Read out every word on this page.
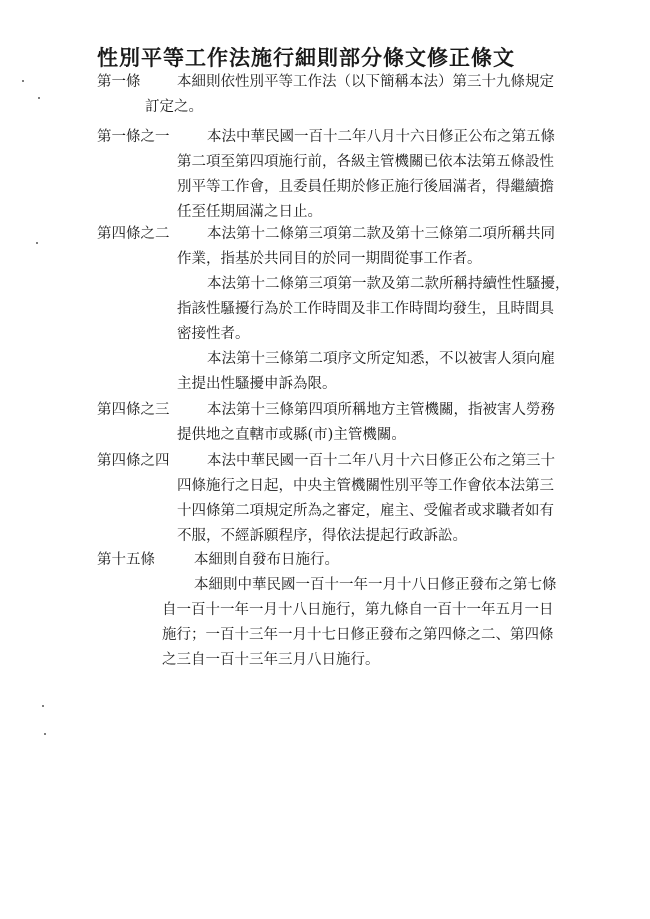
性別平等工作法施行細則部分條文修正條文
第一條	本細則依性別平等工作法（以下簡稱本法）第三十九條規定
訂定之。
第一條之一	本法中華民國一百十二年八月十六日修正公布之第五條
第二項至第四項施行前，各級主管機關已依本法第五條設性
別平等工作會，且委員任期於修正施行後屆滿者，得繼續擔
任至任期屆滿之日止。
第四條之二	本法第十二條第三項第二款及第十三條第二項所稱共同
作業，指基於共同目的於同一期間從事工作者。
本法第十二條第三項第一款及第二款所稱持續性性騷擾，
指該性騷擾行為於工作時間及非工作時間均發生，且時間具
密接性者。
本法第十三條第二項序文所定知悉，不以被害人須向雇
主提出性騷擾申訴為限。
第四條之三	本法第十三條第四項所稱地方主管機關，指被害人勞務
提供地之直轄市或縣(市)主管機關。
第四條之四	本法中華民國一百十二年八月十六日修正公布之第三十
四條施行之日起，中央主管機關性別平等工作會依本法第三
十四條第二項規定所為之審定，雇主、受僱者或求職者如有
不服，不經訴願程序，得依法提起行政訴訟。
第十五條	本細則自發布日施行。
本細則中華民國一百十一年一月十八日修正發布之第七條
自一百十一年一月十八日施行，第九條自一百十一年五月一日
施行；一百十三年一月十七日修正發布之第四條之二、第四條
之三自一百十三年三月八日施行。
